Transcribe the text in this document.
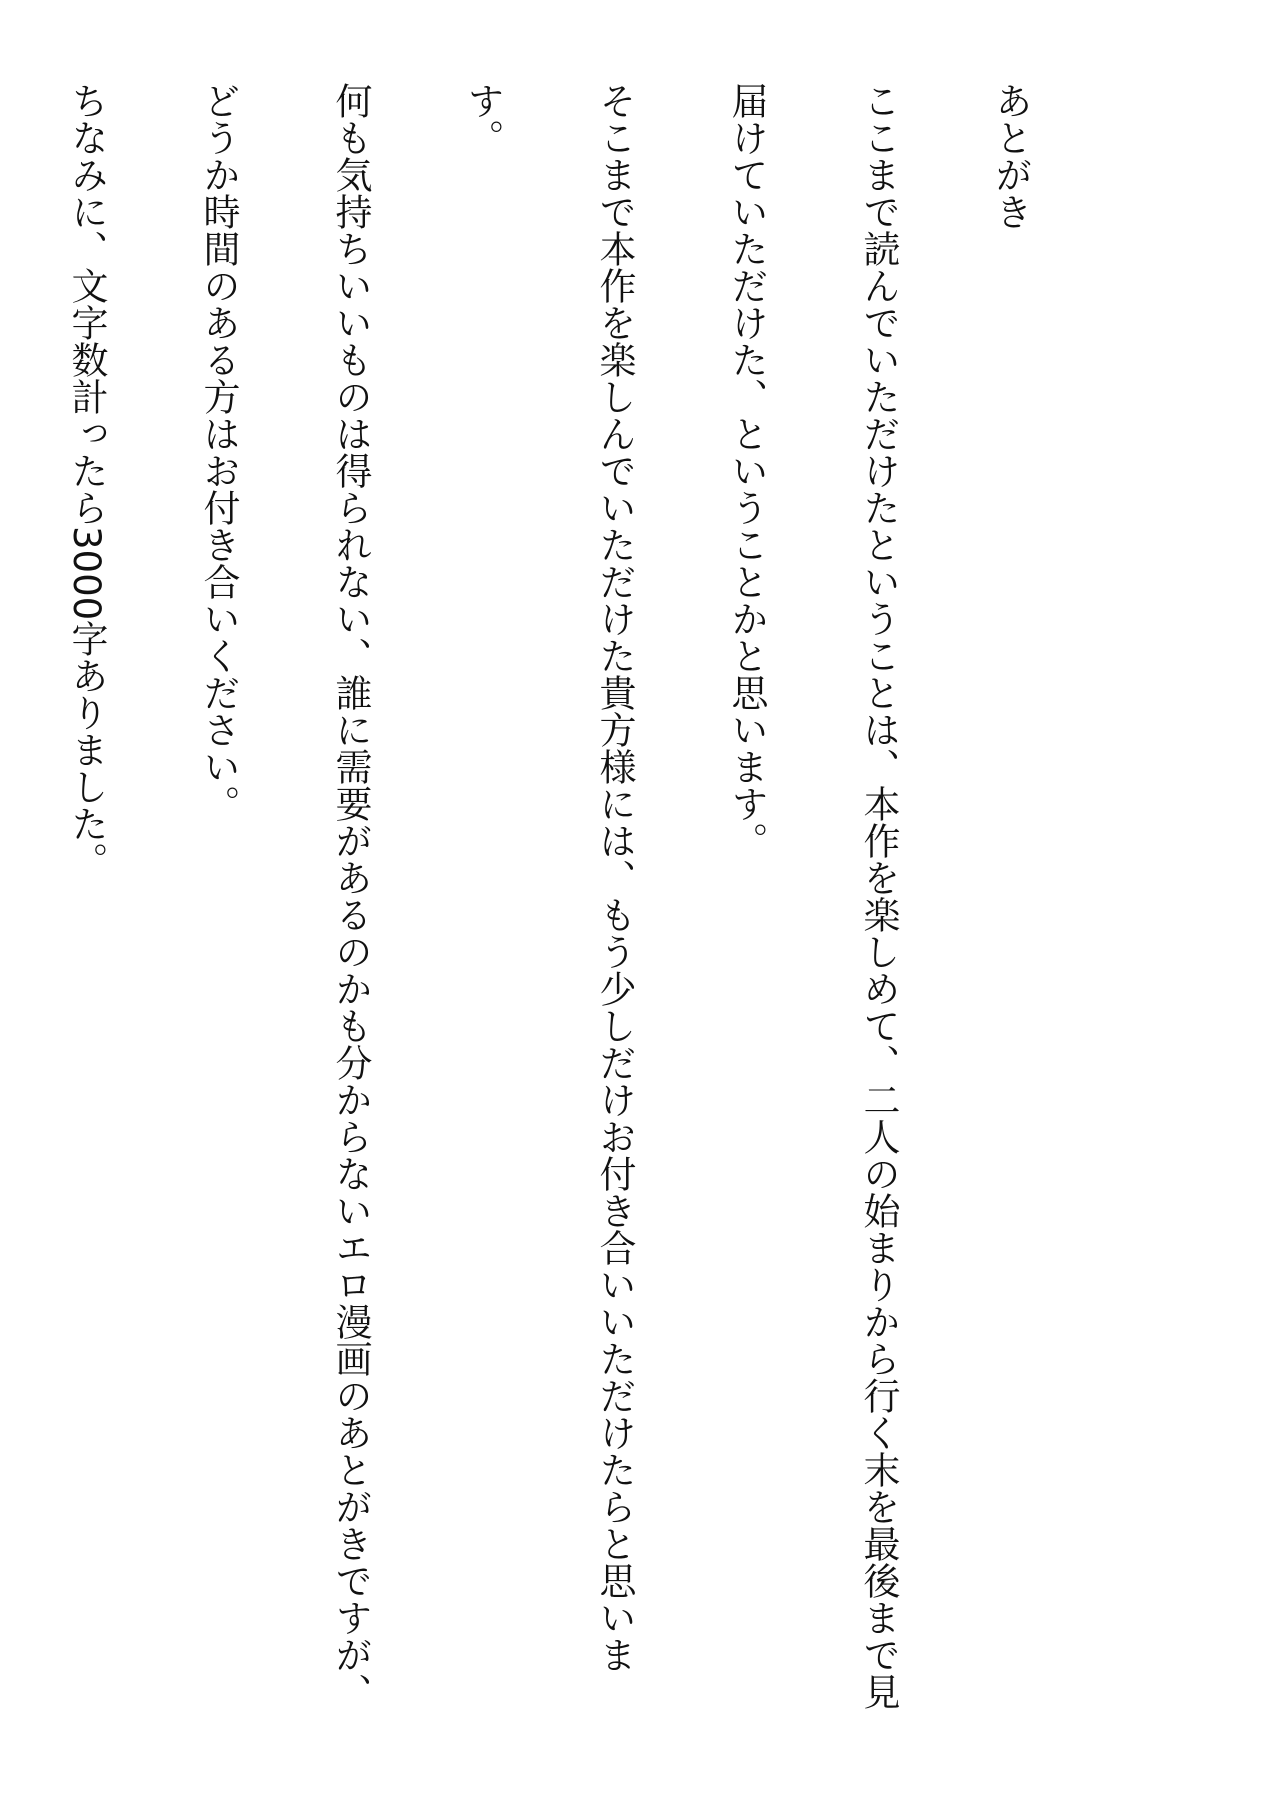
あとがき

ここまで読んでいただけたということは、本作を楽しめて、二人の始まりから行く末を最後まで見

届けていただけた、ということかと思います。

そこまで本作を楽しんでいただけた貴方様には、もう少しだけお付き合いいただけたらと思いま

す。

何も気持ちいいものは得られない、誰に需要があるのかも分からないエロ漫画のあとがきですが、

どうか時間のある方はお付き合いください。

ちなみに、文字数計ったら3000字ありました。
